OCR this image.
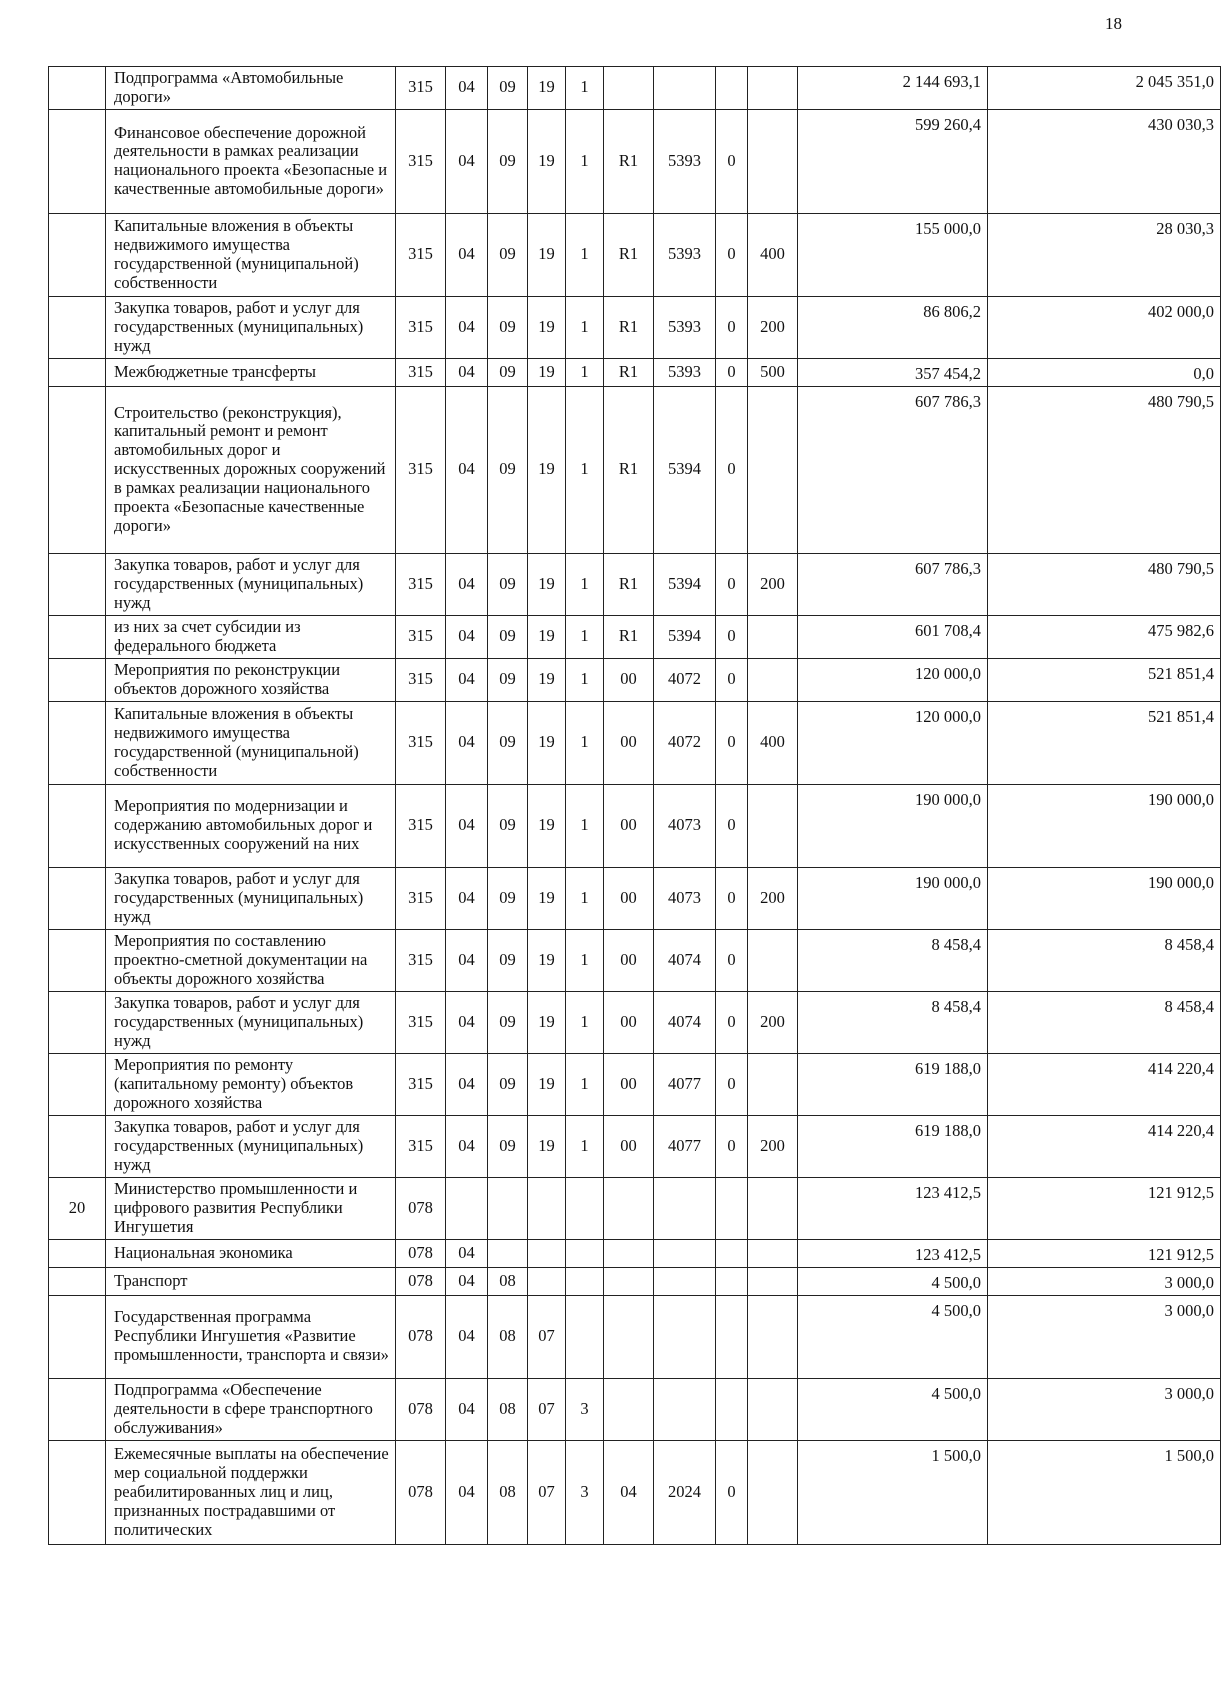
18
	Подпрограмма «Автомобильные дороги»	315	04	09	19	1					2 144 693,1	2 045 351,0
	Финансовое обеспечение дорожной деятельности в рамках реализации национального проекта «Безопасные и качественные автомобильные дороги»	315	04	09	19	1	R1	5393	0		599 260,4	430 030,3
	Капитальные вложения в объекты недвижимого имущества государственной (муниципальной) собственности	315	04	09	19	1	R1	5393	0	400	155 000,0	28 030,3
	Закупка товаров, работ и услуг для государственных (муниципальных) нужд	315	04	09	19	1	R1	5393	0	200	86 806,2	402 000,0
	Межбюджетные трансферты	315	04	09	19	1	R1	5393	0	500	357 454,2	0,0
	Строительство (реконструкция), капитальный ремонт и ремонт автомобильных дорог и искусственных дорожных сооружений в рамках реализации национального проекта «Безопасные качественные дороги»	315	04	09	19	1	R1	5394	0		607 786,3	480 790,5
	Закупка товаров, работ и услуг для государственных (муниципальных) нужд	315	04	09	19	1	R1	5394	0	200	607 786,3	480 790,5
	из них за счет субсидии из федерального бюджета	315	04	09	19	1	R1	5394	0		601 708,4	475 982,6
	Мероприятия по реконструкции объектов дорожного хозяйства	315	04	09	19	1	00	4072	0		120 000,0	521 851,4
	Капитальные вложения в объекты недвижимого имущества государственной (муниципальной) собственности	315	04	09	19	1	00	4072	0	400	120 000,0	521 851,4
	Мероприятия по модернизации и содержанию автомобильных дорог и искусственных сооружений на них	315	04	09	19	1	00	4073	0		190 000,0	190 000,0
	Закупка товаров, работ и услуг для государственных (муниципальных) нужд	315	04	09	19	1	00	4073	0	200	190 000,0	190 000,0
	Мероприятия по составлению проектно-сметной документации на объекты дорожного хозяйства	315	04	09	19	1	00	4074	0		8 458,4	8 458,4
	Закупка товаров, работ и услуг для государственных (муниципальных) нужд	315	04	09	19	1	00	4074	0	200	8 458,4	8 458,4
	Мероприятия по ремонту (капитальному ремонту) объектов дорожного хозяйства	315	04	09	19	1	00	4077	0		619 188,0	414 220,4
	Закупка товаров, работ и услуг для государственных (муниципальных) нужд	315	04	09	19	1	00	4077	0	200	619 188,0	414 220,4
20	Министерство промышленности и цифрового развития Республики Ингушетия	078									123 412,5	121 912,5
	Национальная экономика	078	04								123 412,5	121 912,5
	Транспорт	078	04	08							4 500,0	3 000,0
	Государственная программа Республики Ингушетия «Развитие промышленности, транспорта и связи»	078	04	08	07						4 500,0	3 000,0
	Подпрограмма «Обеспечение деятельности в сфере транспортного обслуживания»	078	04	08	07	3					4 500,0	3 000,0
	Ежемесячные выплаты на обеспечение мер социальной поддержки реабилитированных лиц и лиц, признанных пострадавшими от политических	078	04	08	07	3	04	2024	0		1 500,0	1 500,0
